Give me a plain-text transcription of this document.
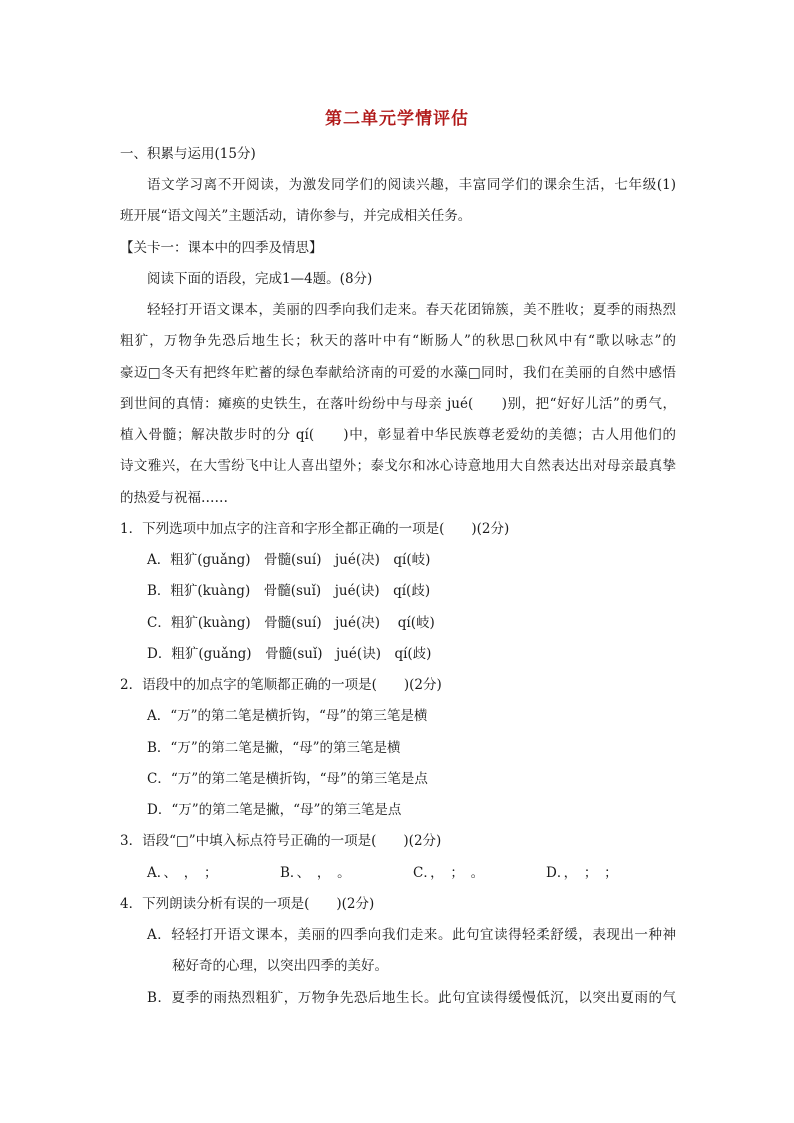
第二单元学情评估
一、积累与运用(15分)
语文学习离不开阅读，为激发同学们的阅读兴趣，丰富同学们的课余生活，七年级(1)
班开展“语文闯关”主题活动，请你参与，并完成相关任务。
【关卡一：课本中的四季及情思】
阅读下面的语段，完成1—4题。(8分)
轻轻打开语文课本，美丽的四季向我们走来。春天花团锦簇，美不胜收；夏季的雨热烈
粗犷，万物争先恐后地生长；秋天的落叶中有“断肠人”的秋思□秋风中有“歌以咏志”的
豪迈□冬天有把终年贮蓄的绿色奉献给济南的可爱的水藻□同时，我们在美丽的自然中感悟
到世间的真情：瘫痪的史铁生，在落叶纷纷中与母亲 jué(　　)别，把“好好儿活”的勇气，
植入骨髓；解决散步时的分 qí(　　)中，彰显着中华民族尊老爱幼的美德；古人用他们的
诗文雅兴，在大雪纷飞中让人喜出望外；泰戈尔和冰心诗意地用大自然表达出对母亲最真挚
的热爱与祝福……
1．下列选项中加点字的注音和字形全都正确的一项是(　　)(2分)
A．粗犷(guǎng)　骨髓(suí)　jué(决)　qí(岐)
B．粗犷(kuàng)　骨髓(suǐ)　jué(诀)　qí(歧)
C．粗犷(kuàng)　骨髓(suí)　jué(决)　 qí(岐)
D．粗犷(guǎng)　骨髓(suǐ)　jué(诀)　qí(歧)
2．语段中的加点字的笔顺都正确的一项是(　　)(2分)
A．“万”的第二笔是横折钩，“母”的第三笔是横
B．“万”的第二笔是撇，“母”的第三笔是横
C．“万”的第二笔是横折钩，“母”的第三笔是点
D．“万”的第二笔是撇，“母”的第三笔是点
3．语段“□”中填入标点符号正确的一项是(　　)(2分)
A．、　，　；	B．、　，　。	C．，　；　。	D．，　；　；
4．下列朗读分析有误的一项是(　　)(2分)
A．轻轻打开语文课本，美丽的四季向我们走来。此句宜读得轻柔舒缓，表现出一种神
秘好奇的心理，以突出四季的美好。
B．夏季的雨热烈粗犷，万物争先恐后地生长。此句宜读得缓慢低沉，以突出夏雨的气
